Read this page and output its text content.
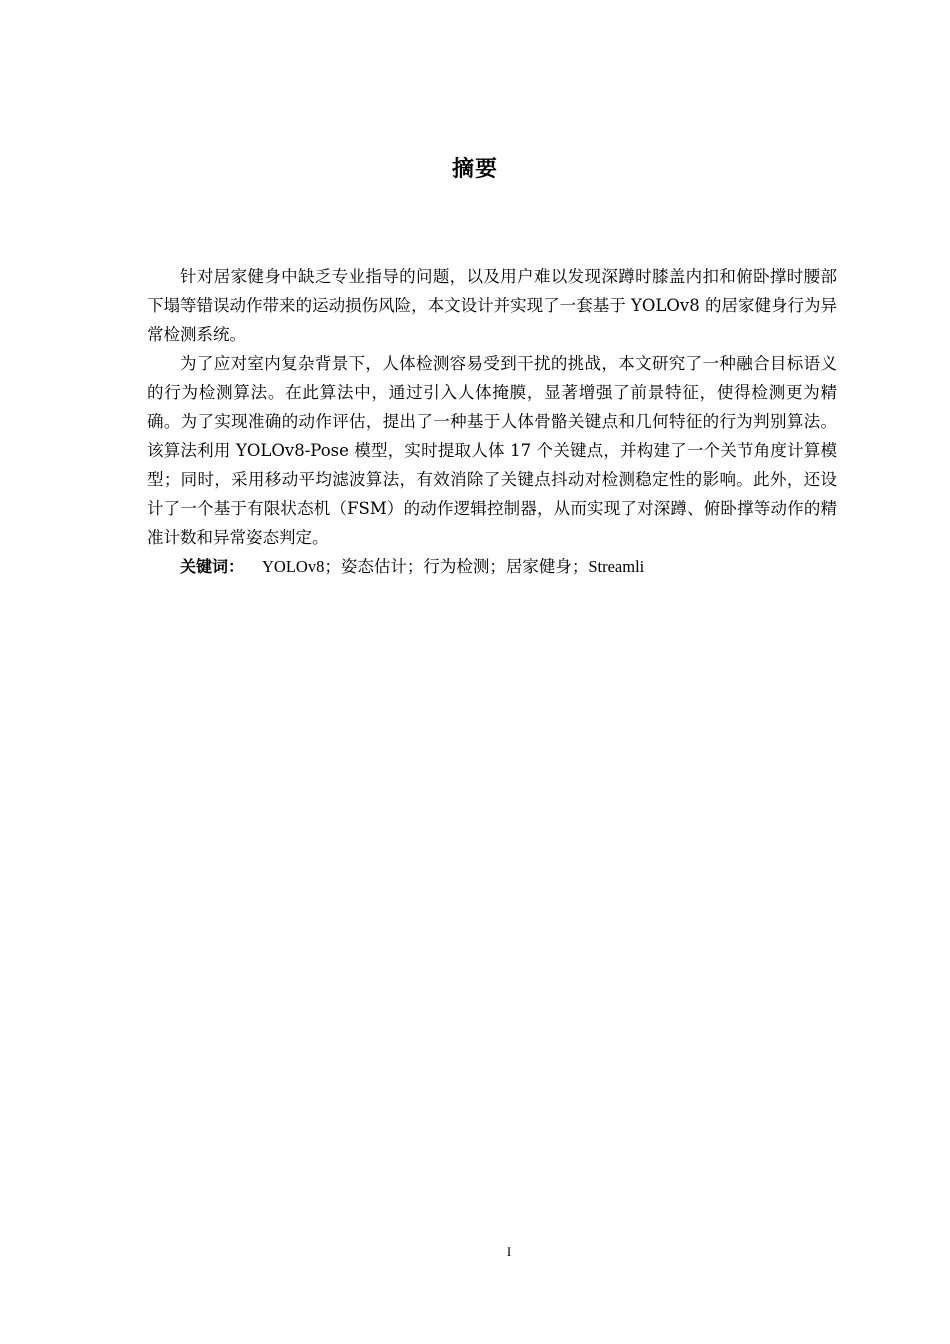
摘要

针对居家健身中缺乏专业指导的问题，以及用户难以发现深蹲时膝盖内扣和俯卧撑时腰部下塌等错误动作带来的运动损伤风险，本文设计并实现了一套基于 YOLOv8 的居家健身行为异常检测系统。

为了应对室内复杂背景下，人体检测容易受到干扰的挑战，本文研究了一种融合目标语义的行为检测算法。在此算法中，通过引入人体掩膜，显著增强了前景特征，使得检测更为精确。为了实现准确的动作评估，提出了一种基于人体骨骼关键点和几何特征的行为判别算法。该算法利用 YOLOv8-Pose 模型，实时提取人体 17 个关键点，并构建了一个关节角度计算模型；同时，采用移动平均滤波算法，有效消除了关键点抖动对检测稳定性的影响。此外，还设计了一个基于有限状态机（FSM）的动作逻辑控制器，从而实现了对深蹲、俯卧撑等动作的精准计数和异常姿态判定。

关键词： YOLOv8；姿态估计；行为检测；居家健身；Streamli

I
